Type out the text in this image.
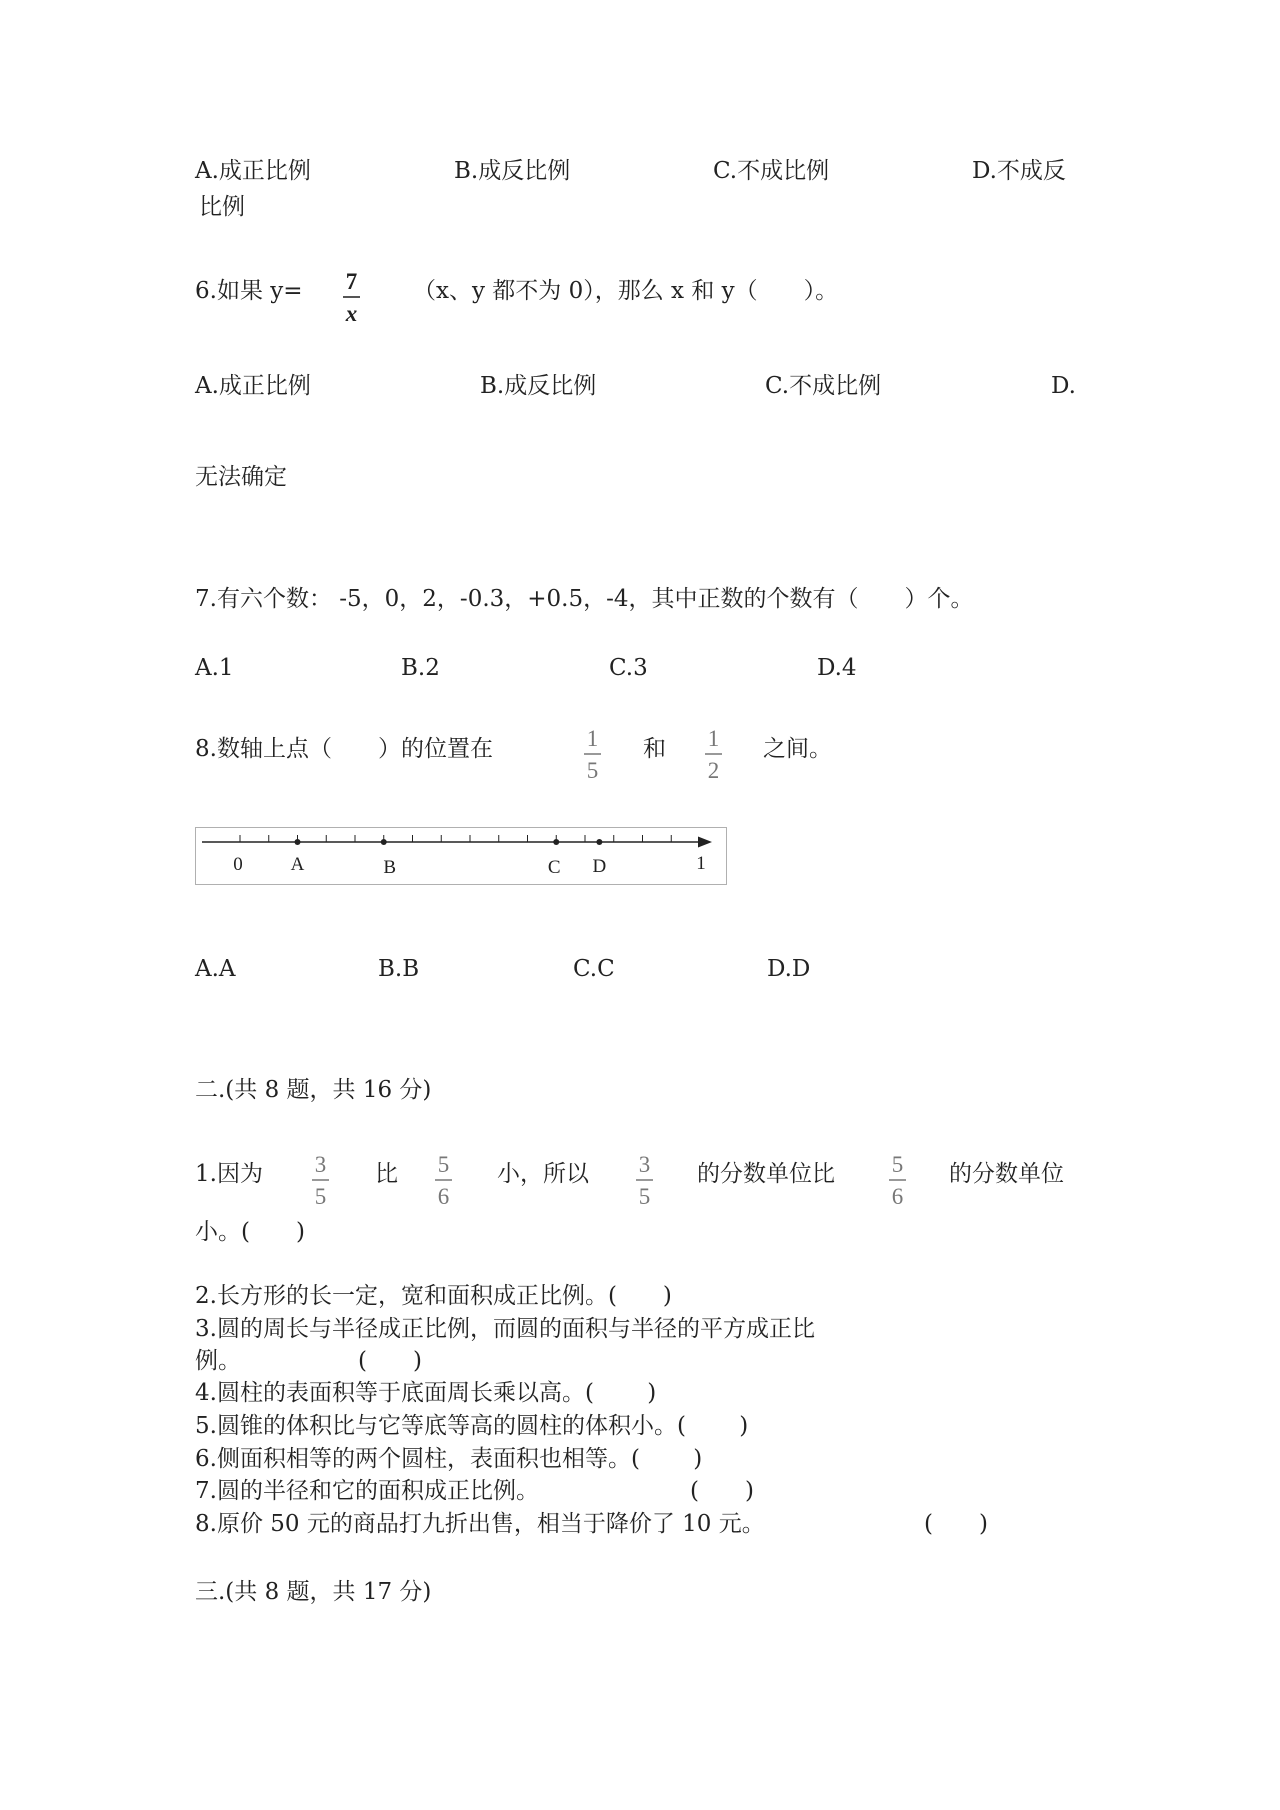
A.成正比例	B.成反比例	C.不成比例	D.不成反
比例
6.如果 y= 7
x
（x、y 都不为 0），那么 x 和 y（　　）。
A.成正比例	B.成反比例	C.不成比例	D.
无法确定
7.有六个数： -5，0，2，-0.3，+0.5，-4，其中正数的个数有（　　）个。
A.1	B.2	C.3	D.4
8.数轴上点（　　）的位置在	1
5
和 1
2
之间。
0	A	B	C D	1
A.A	B.B	C.C	D.D
二.(共 8 题，共 16 分)
1.因为 3
5
比 5
6
小，所以 3
5
的分数单位比 5
6
的分数单位
小。(　　)
2.长方形的长一定，宽和面积成正比例。(　　)
3.圆的周长与半径成正比例，而圆的面积与半径的平方成正比
例。	(　　)
4.圆柱的表面积等于底面周长乘以高。(　　 )
5.圆锥的体积比与它等底等高的圆柱的体积小。(　　 )
6.侧面积相等的两个圆柱，表面积也相等。(　　 )
7.圆的半径和它的面积成正比例。	(　　)
8.原价 50 元的商品打九折出售，相当于降价了 10 元。	(　　)
三.(共 8 题，共 17 分)
